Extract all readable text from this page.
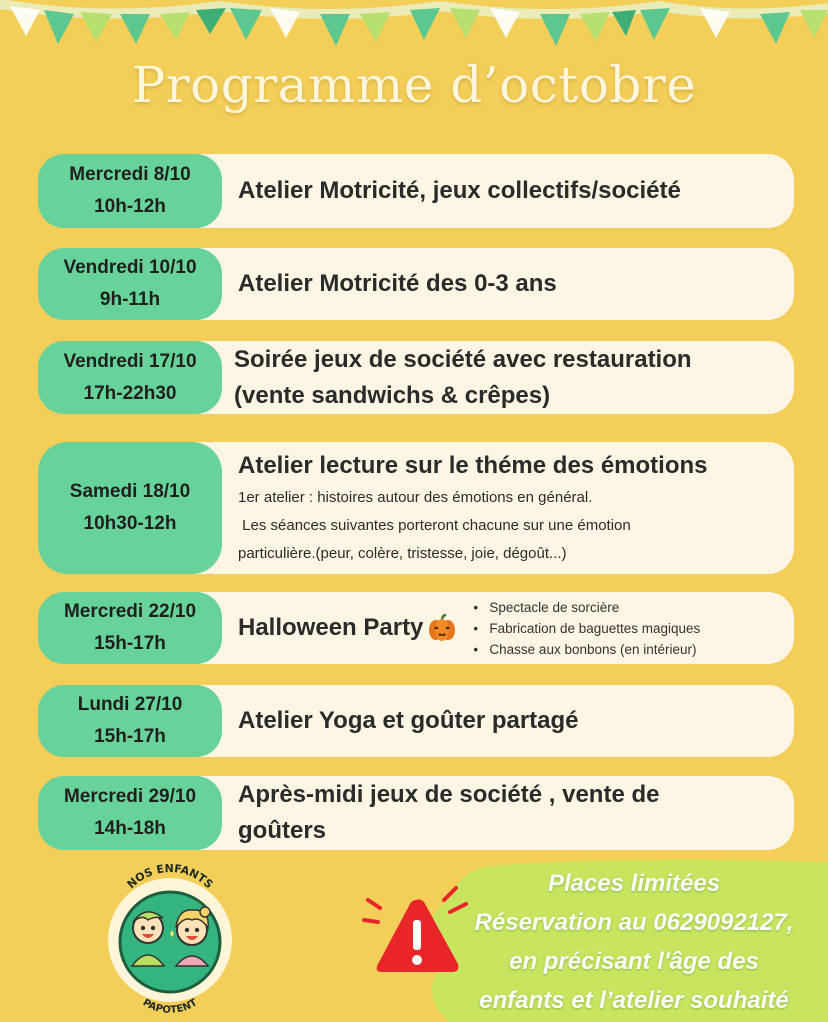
Programme d’octobre
Mercredi 8/10
10h-12h
Atelier Motricité, jeux collectifs/société
Vendredi 10/10
9h-11h
Atelier Motricité des 0-3 ans
Vendredi 17/10
17h-22h30
Soirée jeux de société avec restauration
(vente sandwichs & crêpes)
Samedi 18/10
10h30-12h
Atelier lecture sur le théme des émotions
1er atelier : histoires autour des émotions en général.
Les séances suivantes porteront chacune sur une émotion
particulière.(peur, colère, tristesse, joie, dégoût...)
Mercredi 22/10
15h-17h
Halloween Party
• Spectacle de sorcière
• Fabrication de baguettes magiques
• Chasse aux bonbons (en intérieur)
Lundi 27/10
15h-17h
Atelier Yoga et goûter partagé
Mercredi 29/10
14h-18h
Après-midi jeux de société , vente de
goûters
NOS ENFANTS
PAPOTENT
Places limitées
Réservation au 0629092127,
en précisant l'âge des
enfants et l’atelier souhaité
